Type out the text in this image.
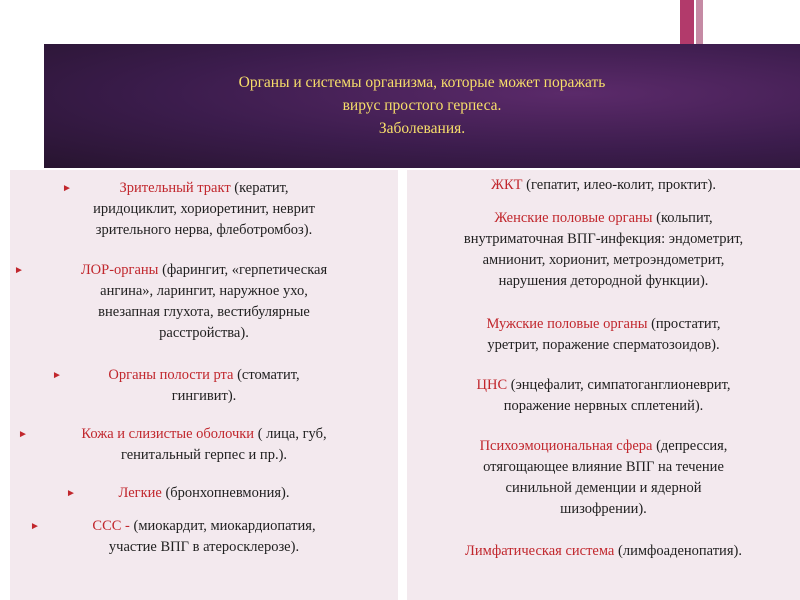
Органы и системы организма, которые может поражать
вирус простого герпеса.
Заболевания.
►	Зрительный тракт (кератит,
иридоциклит, хориоретинит, неврит
зрительного нерва, флеботромбоз).
►	ЛОР-органы (фарингит, «герпетическая
ангина», ларингит, наружное ухо,
внезапная глухота, вестибулярные
расстройства).
►	Органы полости рта (стоматит,
гингивит).
►	Кожа и слизистые оболочки ( лица, губ,
генитальный герпес и пр.).
►	Легкие (бронхопневмония).
►	ССС - (миокардит, миокардиопатия,
участие ВПГ в атеросклерозе).
ЖКТ (гепатит, илео-колит, проктит).
Женские половые органы (кольпит,
внутриматочная ВПГ-инфекция: эндометрит,
амнионит, хорионит, метроэндометрит,
нарушения детородной функции).
Мужские половые органы (простатит,
уретрит, поражение сперматозоидов).
ЦНС (энцефалит, симпатоганглионеврит,
поражение нервных сплетений).
Психоэмоциональная сфера (депрессия,
отягощающее влияние ВПГ на течение
синильной деменции и ядерной
шизофрении).
Лимфатическая система (лимфоаденопатия).
